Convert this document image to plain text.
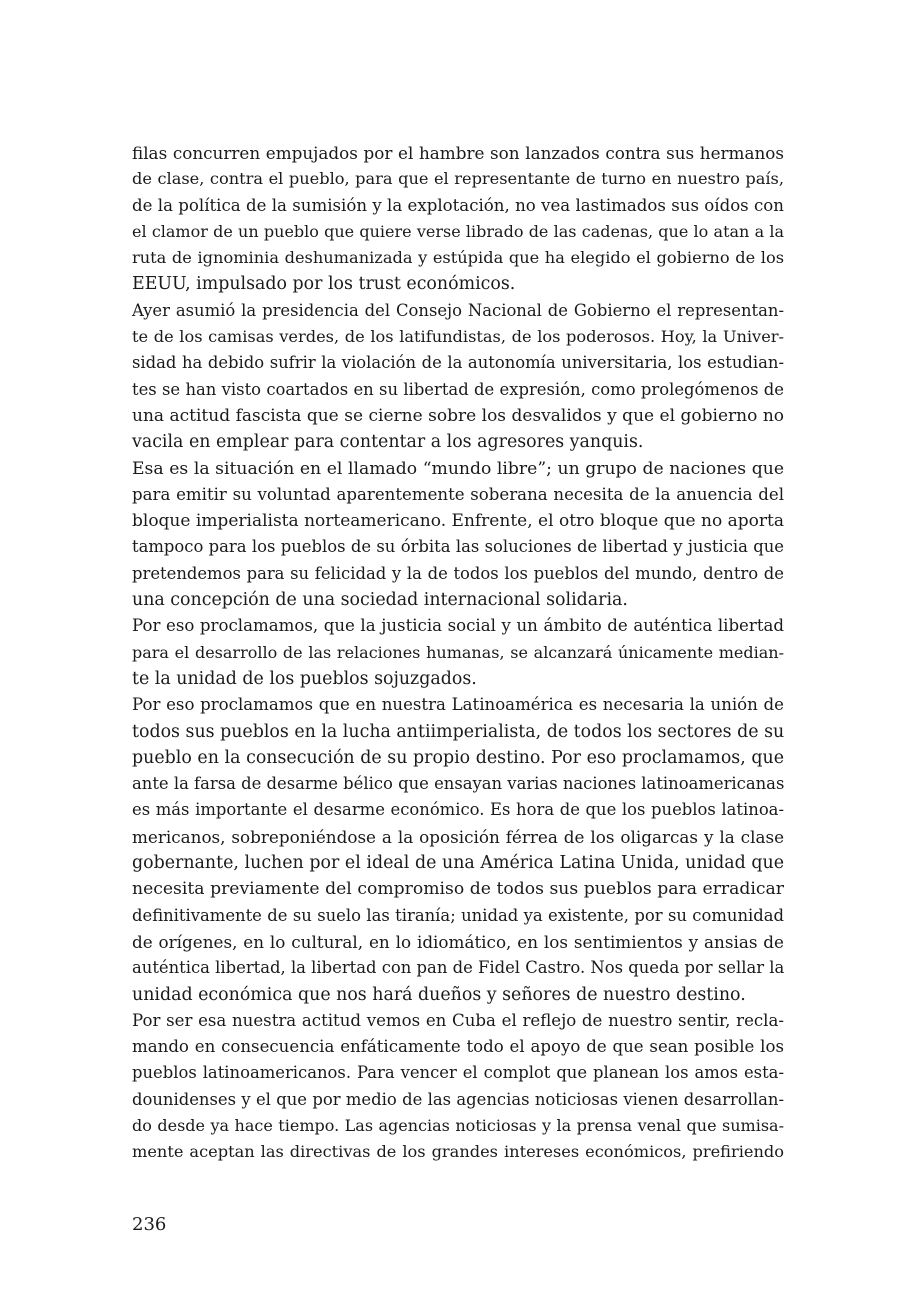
filas concurren empujados por el hambre son lanzados contra sus hermanos
de clase, contra el pueblo, para que el representante de turno en nuestro país,
de la política de la sumisión y la explotación, no vea lastimados sus oídos con
el clamor de un pueblo que quiere verse librado de las cadenas, que lo atan a la
ruta de ignominia deshumanizada y estúpida que ha elegido el gobierno de los
EEUU, impulsado por los trust económicos.
Ayer asumió la presidencia del Consejo Nacional de Gobierno el representan-
te de los camisas verdes, de los latifundistas, de los poderosos. Hoy, la Univer-
sidad ha debido sufrir la violación de la autonomía universitaria, los estudian-
tes se han visto coartados en su libertad de expresión, como prolegómenos de
una actitud fascista que se cierne sobre los desvalidos y que el gobierno no
vacila en emplear para contentar a los agresores yanquis.
Esa es la situación en el llamado “mundo libre”; un grupo de naciones que
para emitir su voluntad aparentemente soberana necesita de la anuencia del
bloque imperialista norteamericano. Enfrente, el otro bloque que no aporta
tampoco para los pueblos de su órbita las soluciones de libertad y justicia que
pretendemos para su felicidad y la de todos los pueblos del mundo, dentro de
una concepción de una sociedad internacional solidaria.
Por eso proclamamos, que la justicia social y un ámbito de auténtica libertad
para el desarrollo de las relaciones humanas, se alcanzará únicamente median-
te la unidad de los pueblos sojuzgados.
Por eso proclamamos que en nuestra Latinoamérica es necesaria la unión de
todos sus pueblos en la lucha antiimperialista, de todos los sectores de su
pueblo en la consecución de su propio destino. Por eso proclamamos, que
ante la farsa de desarme bélico que ensayan varias naciones latinoamericanas
es más importante el desarme económico. Es hora de que los pueblos latinoa-
mericanos, sobreponiéndose a la oposición férrea de los oligarcas y la clase
gobernante, luchen por el ideal de una América Latina Unida, unidad que
necesita previamente del compromiso de todos sus pueblos para erradicar
definitivamente de su suelo las tiranía; unidad ya existente, por su comunidad
de orígenes, en lo cultural, en lo idiomático, en los sentimientos y ansias de
auténtica libertad, la libertad con pan de Fidel Castro. Nos queda por sellar la
unidad económica que nos hará dueños y señores de nuestro destino.
Por ser esa nuestra actitud vemos en Cuba el reflejo de nuestro sentir, recla-
mando en consecuencia enfáticamente todo el apoyo de que sean posible los
pueblos latinoamericanos. Para vencer el complot que planean los amos esta-
dounidenses y el que por medio de las agencias noticiosas vienen desarrollan-
do desde ya hace tiempo. Las agencias noticiosas y la prensa venal que sumisa-
mente aceptan las directivas de los grandes intereses económicos, prefiriendo
236
